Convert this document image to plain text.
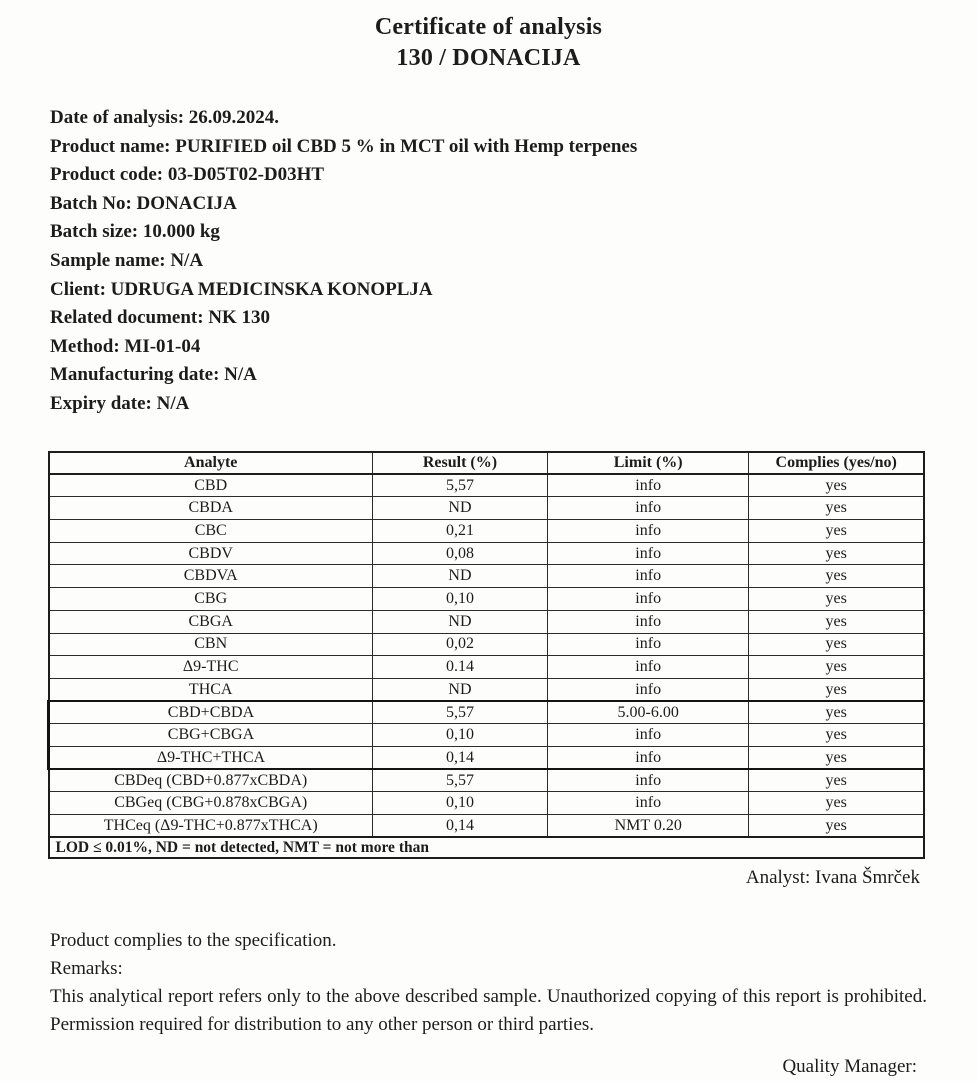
Certificate of analysis
130 / DONACIJA
Date of analysis: 26.09.2024.
Product name: PURIFIED oil CBD 5 % in MCT oil with Hemp terpenes
Product code: 03-D05T02-D03HT
Batch No: DONACIJA
Batch size: 10.000 kg
Sample name: N/A
Client: UDRUGA MEDICINSKA KONOPLJA
Related document: NK 130
Method: MI-01-04
Manufacturing date: N/A
Expiry date: N/A
Analyte	Result (%)	Limit (%)	Complies (yes/no)
CBD	5,57	info	yes
CBDA	ND	info	yes
CBC	0,21	info	yes
CBDV	0,08	info	yes
CBDVA	ND	info	yes
CBG	0,10	info	yes
CBGA	ND	info	yes
CBN	0,02	info	yes
Δ9-THC	0.14	info	yes
THCA	ND	info	yes
CBD+CBDA	5,57	5.00-6.00	yes
CBG+CBGA	0,10	info	yes
Δ9-THC+THCA	0,14	info	yes
CBDeq (CBD+0.877xCBDA)	5,57	info	yes
CBGeq (CBG+0.878xCBGA)	0,10	info	yes
THCeq (Δ9-THC+0.877xTHCA)	0,14	NMT 0.20	yes
LOD ≤ 0.01%, ND = not detected, NMT = not more than			
Analyst: Ivana Šmrček
Product complies to the specification.
Remarks:
This analytical report refers only to the above described sample. Unauthorized copying of this report is prohibited. Permission required for distribution to any other person or third parties.
Quality Manager:
